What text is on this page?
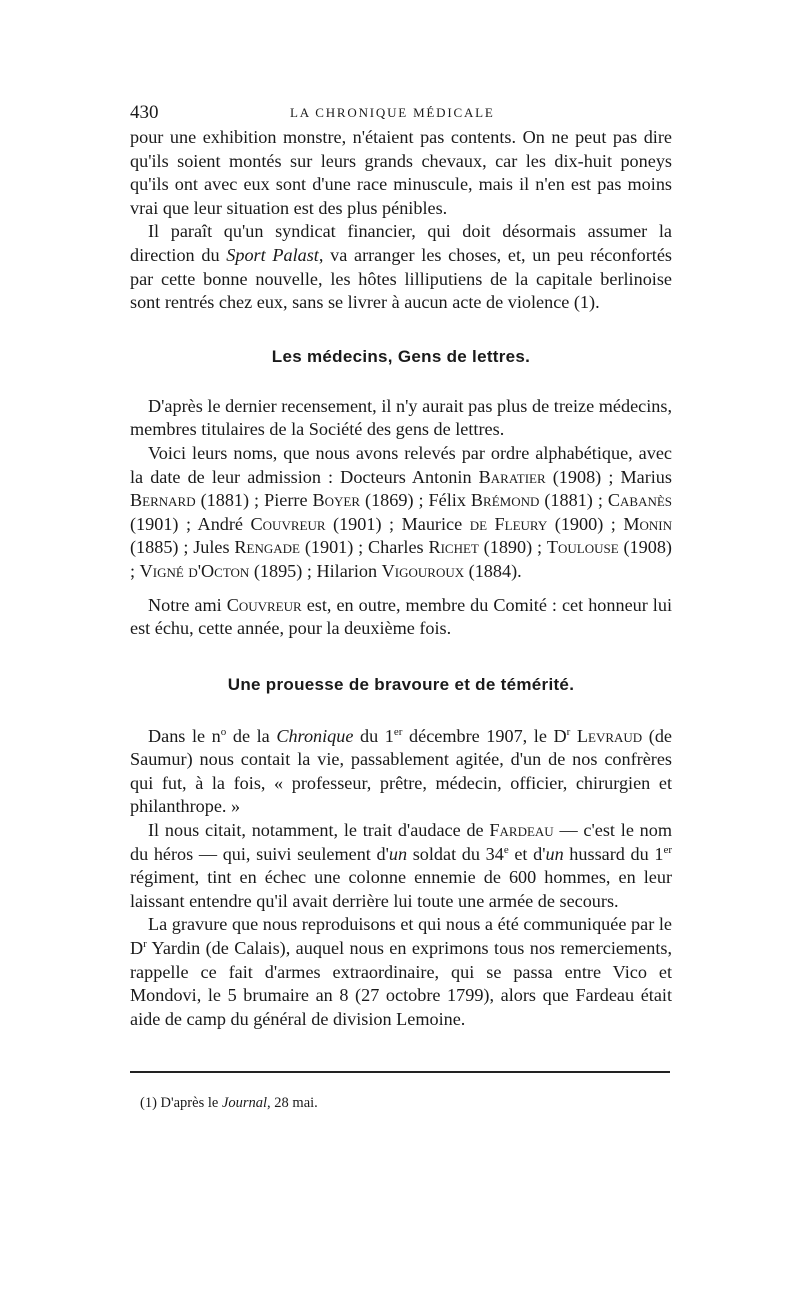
430	LA CHRONIQUE MÉDICALE

pour une exhibition monstre, n'étaient pas contents. On ne peut pas dire qu'ils soient montés sur leurs grands chevaux, car les dix-huit poneys qu'ils ont avec eux sont d'une race minuscule, mais il n'en est pas moins vrai que leur situation est des plus pénibles.

Il paraît qu'un syndicat financier, qui doit désormais assumer la direction du Sport Palast, va arranger les choses, et, un peu réconfortés par cette bonne nouvelle, les hôtes lilliputiens de la capitale berlinoise sont rentrés chez eux, sans se livrer à aucun acte de violence (1).

Les médecins, Gens de lettres.

D'après le dernier recensement, il n'y aurait pas plus de treize médecins, membres titulaires de la Société des gens de lettres.

Voici leurs noms, que nous avons relevés par ordre alphabétique, avec la date de leur admission : Docteurs Antonin Baratier (1908) ; Marius Bernard (1881) ; Pierre Boyer (1869) ; Félix Brémond (1881) ; Cabanès (1901) ; André Couvreur (1901) ; Maurice de Fleury (1900) ; Monin (1885) ; Jules Rengade (1901) ; Charles Richet (1890) ; Toulouse (1908) ; Vigné d'Octon (1895) ; Hilarion Vigouroux (1884).

Notre ami Couvreur est, en outre, membre du Comité : cet honneur lui est échu, cette année, pour la deuxième fois.

Une prouesse de bravoure et de témérité.

Dans le $n^o$ de la Chronique du 1er décembre 1907, le $D^r$ Levraud (de Saumur) nous contait la vie, passablement agitée, d'un de nos confrères qui fut, à la fois, « professeur, prêtre, médecin, officier, chirurgien et philanthrope. »

Il nous citait, notamment, le trait d'audace de Fardeau — c'est le nom du héros — qui, suivi seulement d'un soldat du 34e et d'un hussard du 1er régiment, tint en échec une colonne ennemie de 600 hommes, en leur laissant entendre qu'il avait derrière lui toute une armée de secours.

La gravure que nous reproduisons et qui nous a été communiquée par le $D^r$ Yardin (de Calais), auquel nous en exprimons tous nos remerciements, rappelle ce fait d'armes extraordinaire, qui se passa entre Vico et Mondovi, le 5 brumaire an 8 (27 octobre 1799), alors que Fardeau était aide de camp du général de division Lemoine.

(1) D'après le Journal, 28 mai.
